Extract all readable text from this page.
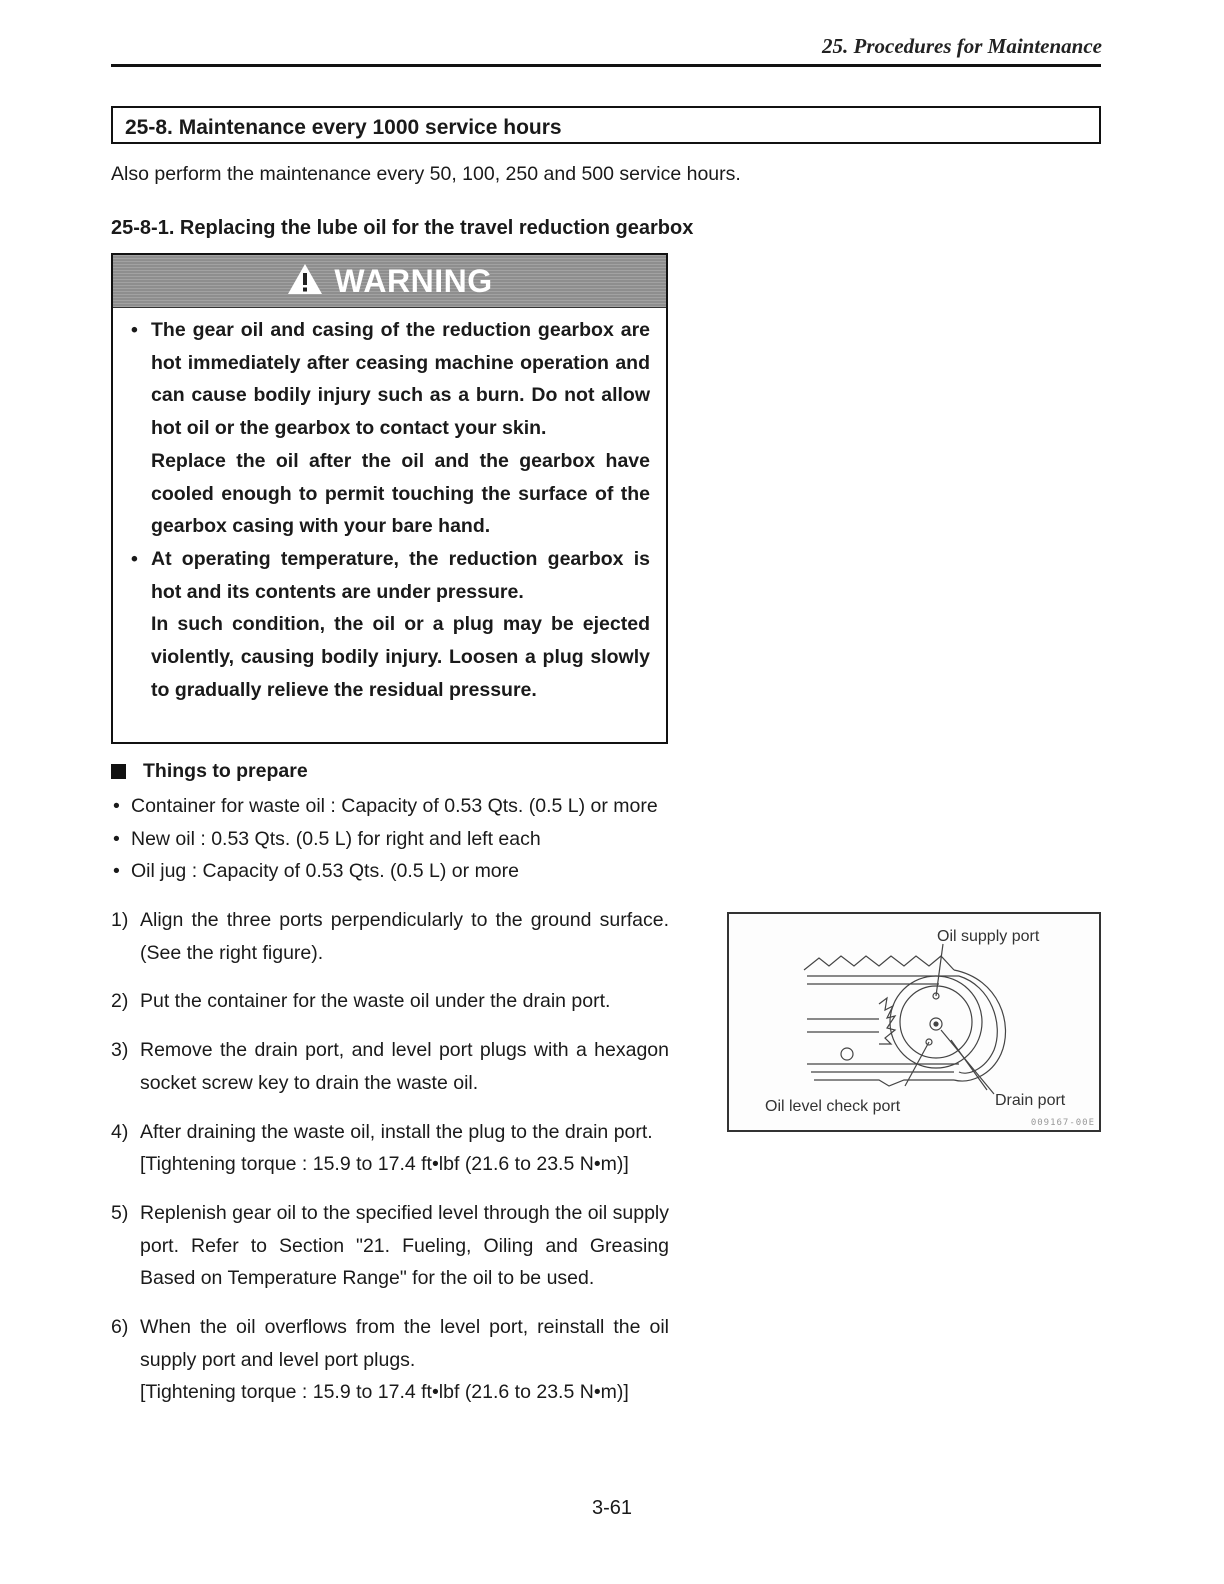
25. Procedures for Maintenance
25-8. Maintenance every 1000 service hours
Also perform the maintenance every 50, 100, 250 and 500 service hours.
25-8-1. Replacing the lube oil for the travel reduction gearbox
WARNING
• The gear oil and casing of the reduction gearbox are hot immediately after ceasing machine operation and can cause bodily injury such as a burn. Do not allow hot oil or the gearbox to contact your skin.
Replace the oil after the oil and the gearbox have cooled enough to permit touching the surface of the gearbox casing with your bare hand.
• At operating temperature, the reduction gearbox is hot and its contents are under pressure.
In such condition, the oil or a plug may be ejected violently, causing bodily injury. Loosen a plug slowly to gradually relieve the residual pressure.
Things to prepare
• Container for waste oil : Capacity of 0.53 Qts. (0.5 L) or more
• New oil : 0.53 Qts. (0.5 L) for right and left each
• Oil jug : Capacity of 0.53 Qts. (0.5 L) or more
1) Align the three ports perpendicularly to the ground surface. (See the right figure).
2) Put the container for the waste oil under the drain port.
3) Remove the drain port, and level port plugs with a hexagon socket screw key to drain the waste oil.
4) After draining the waste oil, install the plug to the drain port.
[Tightening torque : 15.9 to 17.4 ft•lbf (21.6 to 23.5 N•m)]
5) Replenish gear oil to the specified level through the oil supply port. Refer to Section "21. Fueling, Oiling and Greasing Based on Temperature Range" for the oil to be used.
6) When the oil overflows from the level port, reinstall the oil supply port and level port plugs.
[Tightening torque : 15.9 to 17.4 ft•lbf (21.6 to 23.5 N•m)]
Oil supply port
Oil level check port	Drain port
009167-00E
3-61
